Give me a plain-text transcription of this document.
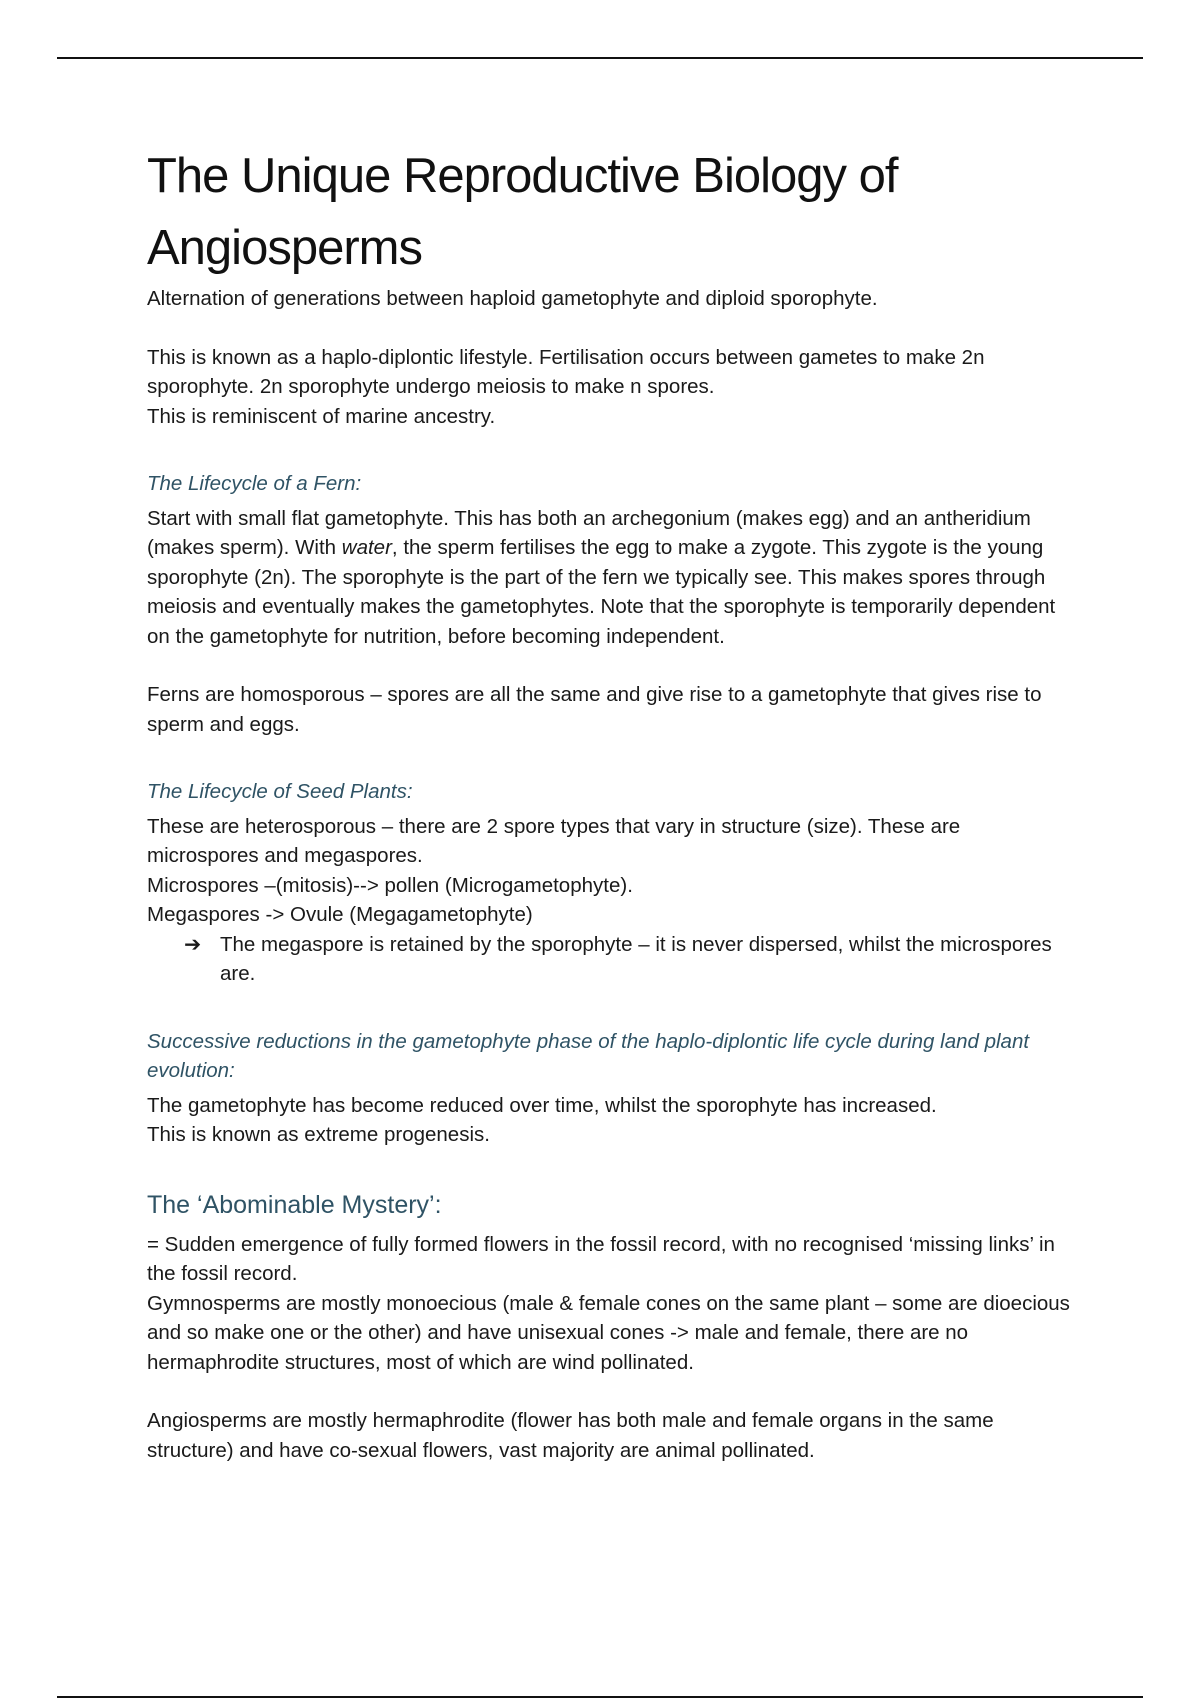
The Unique Reproductive Biology of Angiosperms

Alternation of generations between haploid gametophyte and diploid sporophyte.

This is known as a haplo-diplontic lifestyle. Fertilisation occurs between gametes to make 2n sporophyte. 2n sporophyte undergo meiosis to make n spores.

This is reminiscent of marine ancestry.

The Lifecycle of a Fern:

Start with small flat gametophyte. This has both an archegonium (makes egg) and an antheridium (makes sperm). With water, the sperm fertilises the egg to make a zygote. This zygote is the young sporophyte (2n). The sporophyte is the part of the fern we typically see. This makes spores through meiosis and eventually makes the gametophytes. Note that the sporophyte is temporarily dependent on the gametophyte for nutrition, before becoming independent.

Ferns are homosporous – spores are all the same and give rise to a gametophyte that gives rise to sperm and eggs.

The Lifecycle of Seed Plants:

These are heterosporous – there are 2 spore types that vary in structure (size). These are microspores and megaspores.

Microspores –(mitosis)--> pollen (Microgametophyte).

Megaspores -> Ovule (Megagametophyte)

➔ The megaspore is retained by the sporophyte – it is never dispersed, whilst the microspores are.

Successive reductions in the gametophyte phase of the haplo-diplontic life cycle during land plant evolution:

The gametophyte has become reduced over time, whilst the sporophyte has increased.

This is known as extreme progenesis.

The ‘Abominable Mystery’:

= Sudden emergence of fully formed flowers in the fossil record, with no recognised ‘missing links’ in the fossil record.

Gymnosperms are mostly monoecious (male & female cones on the same plant – some are dioecious and so make one or the other) and have unisexual cones -> male and female, there are no hermaphrodite structures, most of which are wind pollinated.

Angiosperms are mostly hermaphrodite (flower has both male and female organs in the same structure) and have co-sexual flowers, vast majority are animal pollinated.
